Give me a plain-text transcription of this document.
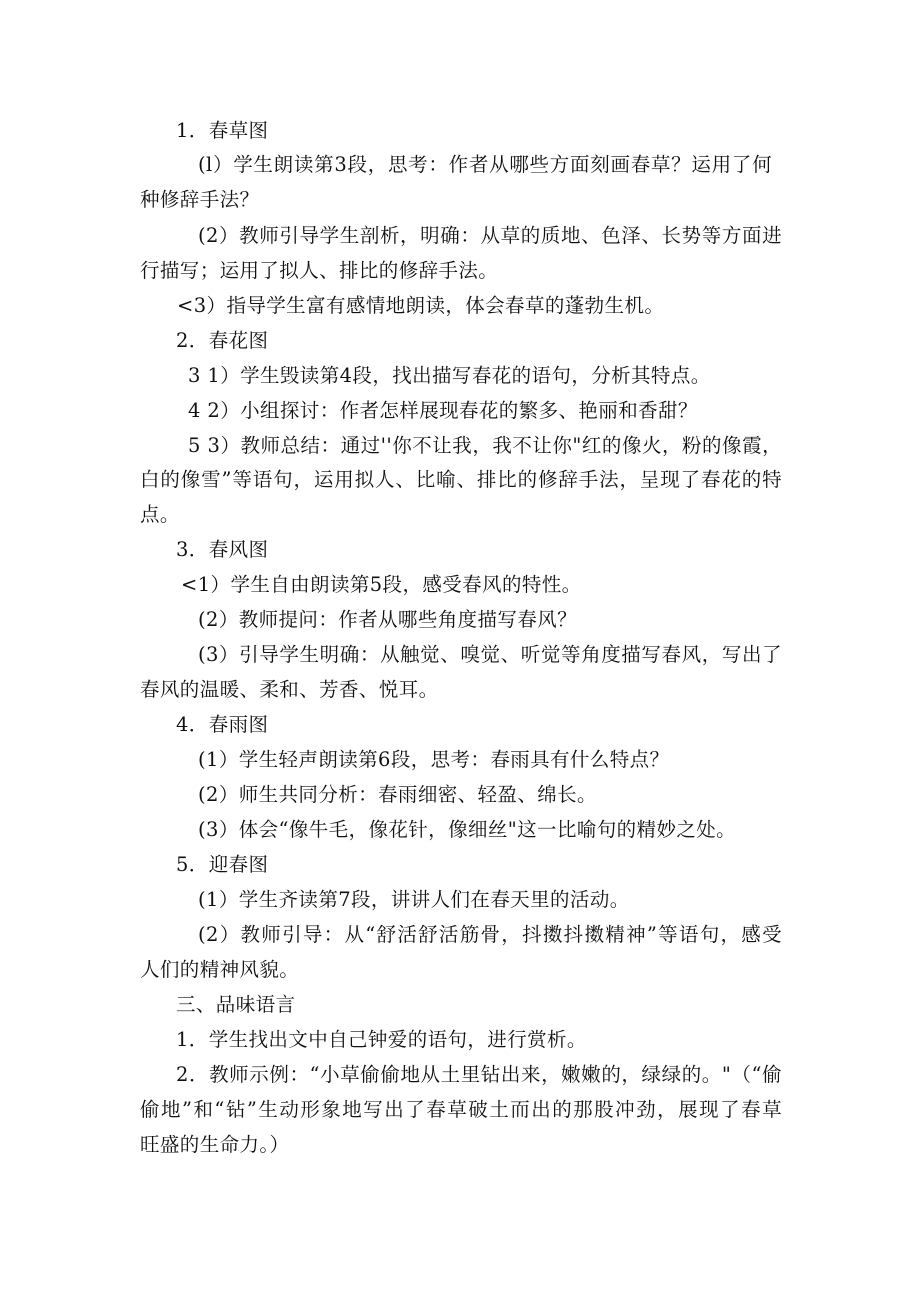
1．春草图
(l）学生朗读第3段，思考：作者从哪些方面刻画春草？运用了何
种修辞手法？
(2）教师引导学生剖析，明确：从草的质地、色泽、长势等方面进
行描写；运用了拟人、排比的修辞手法。
<3）指导学生富有感情地朗读，体会春草的蓬勃生机。
2．春花图
3 1）学生毁读第4段，找出描写春花的语句，分析其特点。
4 2）小组探讨：作者怎样展现春花的繁多、艳丽和香甜？
5 3）教师总结：通过''你不让我，我不让你"红的像火，粉的像霞，
白的像雪”等语句，运用拟人、比喻、排比的修辞手法，呈现了春花的特
点。
3．春风图
<1）学生自由朗读第5段，感受春风的特性。
(2）教师提问：作者从哪些角度描写春风？
(3）引导学生明确：从触觉、嗅觉、听觉等角度描写春风，写出了
春风的温暖、柔和、芳香、悦耳。
4．春雨图
(1）学生轻声朗读第6段，思考：春雨具有什么特点？
(2）师生共同分析：春雨细密、轻盈、绵长。
(3）体会“像牛毛，像花针，像细丝"这一比喻句的精妙之处。
5．迎春图
(1）学生齐读第7段，讲讲人们在春天里的活动。
(2）教师引导：从“舒活舒活筋骨，抖擞抖擞精神”等语句，感受
人们的精神风貌。
三、品味语言
1．学生找出文中自己钟爱的语句，进行赏析。
2．教师示例：“小草偷偷地从土里钻出来，嫩嫩的，绿绿的。"（“偷
偷地”和“钻”生动形象地写出了春草破土而出的那股冲劲，展现了春草
旺盛的生命力。）
